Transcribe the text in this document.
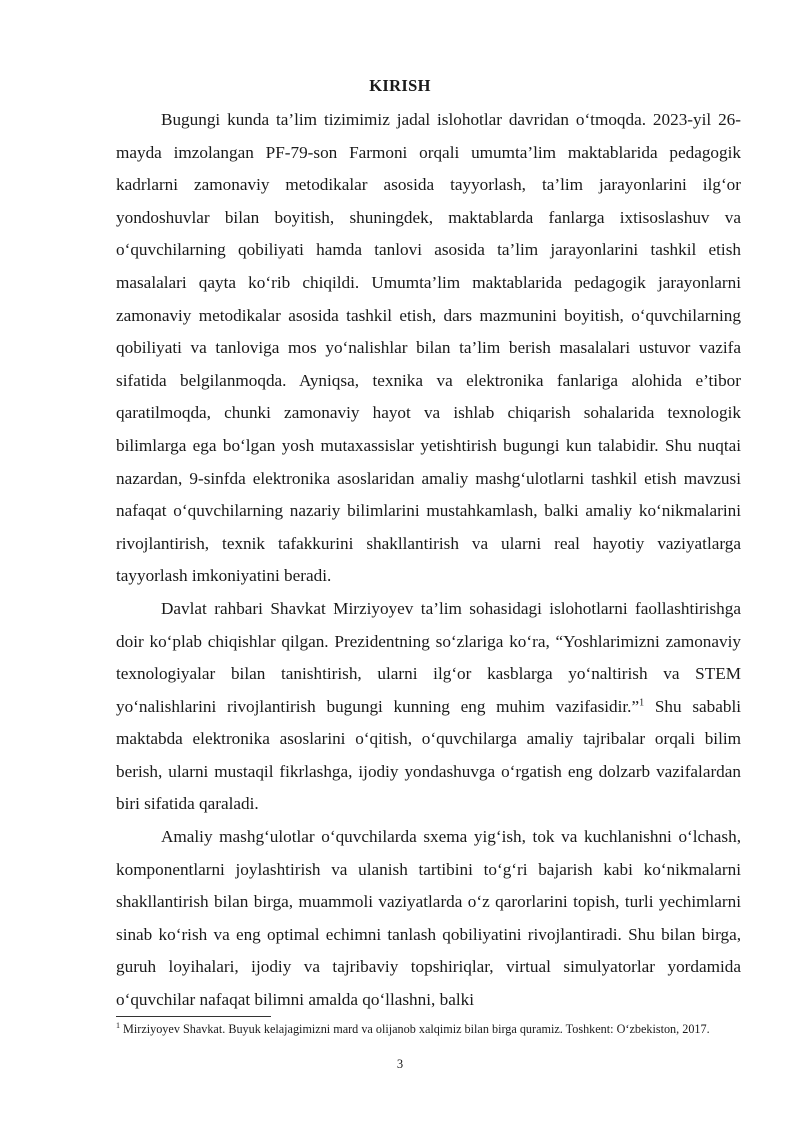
KIRISH

Bugungi kunda ta’lim tizimimiz jadal islohotlar davridan o‘tmoqda. 2023-yil 26-mayda imzolangan PF-79-son Farmoni orqali umumta’lim maktablarida pedagogik kadrlarni zamonaviy metodikalar asosida tayyorlash, ta’lim jarayonlarini ilg‘or yondoshuvlar bilan boyitish, shuningdek, maktablarda fanlarga ixtisoslashuv va o‘quvchilarning qobiliyati hamda tanlovi asosida ta’lim jarayonlarini tashkil etish masalalari qayta ko‘rib chiqildi. Umumta’lim maktablarida pedagogik jarayonlarni zamonaviy metodikalar asosida tashkil etish, dars mazmunini boyitish, o‘quvchilarning qobiliyati va tanloviga mos yo‘nalishlar bilan ta’lim berish masalalari ustuvor vazifa sifatida belgilanmoqda. Ayniqsa, texnika va elektronika fanlariga alohida e’tibor qaratilmoqda, chunki zamonaviy hayot va ishlab chiqarish sohalarida texnologik bilimlarga ega bo‘lgan yosh mutaxassislar yetishtirish bugungi kun talabidir. Shu nuqtai nazardan, 9-sinfda elektronika asoslaridan amaliy mashg‘ulotlarni tashkil etish mavzusi nafaqat o‘quvchilarning nazariy bilimlarini mustahkamlash, balki amaliy ko‘nikmalarini rivojlantirish, texnik tafakkurini shakllantirish va ularni real hayotiy vaziyatlarga tayyorlash imkoniyatini beradi.

Davlat rahbari Shavkat Mirziyoyev ta’lim sohasidagi islohotlarni faollashtirishga doir ko‘plab chiqishlar qilgan. Prezidentning so‘zlariga ko‘ra, “Yoshlarimizni zamonaviy texnologiyalar bilan tanishtirish, ularni ilg‘or kasblarga yo‘naltirish va STEM yo‘nalishlarini rivojlantirish bugungi kunning eng muhim vazifasidir.”$^1$ Shu sababli maktabda elektronika asoslarini o‘qitish, o‘quvchilarga amaliy tajribalar orqali bilim berish, ularni mustaqil fikrlashga, ijodiy yondashuvga o‘rgatish eng dolzarb vazifalardan biri sifatida qaraladi.

Amaliy mashg‘ulotlar o‘quvchilarda sxema yig‘ish, tok va kuchlanishni o‘lchash, komponentlarni joylashtirish va ulanish tartibini to‘g‘ri bajarish kabi ko‘nikmalarni shakllantirish bilan birga, muammoli vaziyatlarda o‘z qarorlarini topish, turli yechimlarni sinab ko‘rish va eng optimal echimni tanlash qobiliyatini rivojlantiradi. Shu bilan birga, guruh loyihalari, ijodiy va tajribaviy topshiriqlar, virtual simulyatorlar yordamida o‘quvchilar nafaqat bilimni amalda qo‘llashni, balki

$^1$ Mirziyoyev Shavkat. Buyuk kelajagimizni mard va olijanob xalqimiz bilan birga quramiz. Toshkent: O‘zbekiston, 2017.
3
